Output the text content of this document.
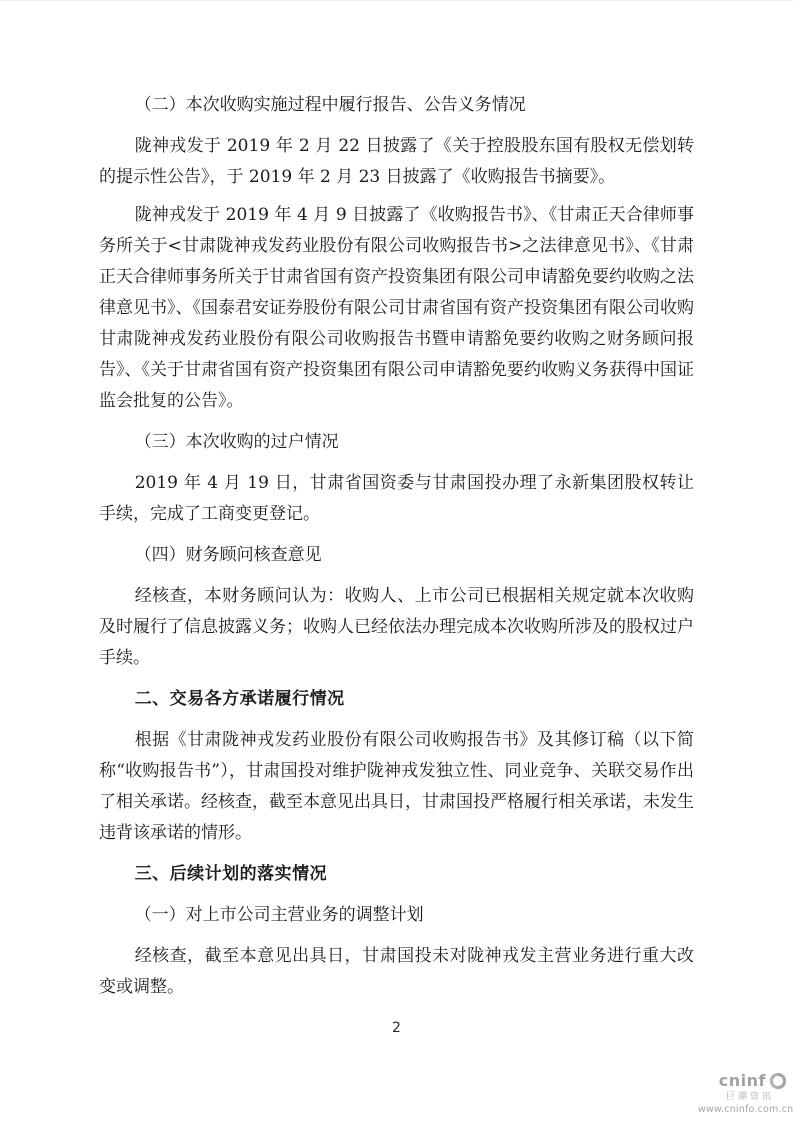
（二）本次收购实施过程中履行报告、公告义务情况

陇神戎发于 2019 年 2 月 22 日披露了《关于控股股东国有股权无偿划转的提示性公告》，于 2019 年 2 月 23 日披露了《收购报告书摘要》。

陇神戎发于 2019 年 4 月 9 日披露了《收购报告书》、《甘肃正天合律师事务所关于<甘肃陇神戎发药业股份有限公司收购报告书>之法律意见书》、《甘肃正天合律师事务所关于甘肃省国有资产投资集团有限公司申请豁免要约收购之法律意见书》、《国泰君安证券股份有限公司甘肃省国有资产投资集团有限公司收购甘肃陇神戎发药业股份有限公司收购报告书暨申请豁免要约收购之财务顾问报告》、《关于甘肃省国有资产投资集团有限公司申请豁免要约收购义务获得中国证监会批复的公告》。

（三）本次收购的过户情况

2019 年 4 月 19 日，甘肃省国资委与甘肃国投办理了永新集团股权转让手续，完成了工商变更登记。

（四）财务顾问核查意见

经核查，本财务顾问认为：收购人、上市公司已根据相关规定就本次收购及时履行了信息披露义务；收购人已经依法办理完成本次收购所涉及的股权过户手续。

二、交易各方承诺履行情况

根据《甘肃陇神戎发药业股份有限公司收购报告书》及其修订稿（以下简称“收购报告书”），甘肃国投对维护陇神戎发独立性、同业竞争、关联交易作出了相关承诺。经核查，截至本意见出具日，甘肃国投严格履行相关承诺，未发生违背该承诺的情形。

三、后续计划的落实情况

（一）对上市公司主营业务的调整计划

经核查，截至本意见出具日，甘肃国投未对陇神戎发主营业务进行重大改变或调整。

2
cninf
巨潮资讯
www.cninfo.com.cn
